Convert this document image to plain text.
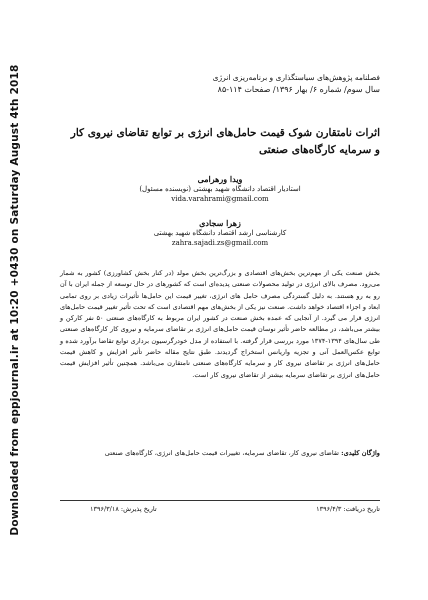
Downloaded from eppjournal.ir at 10:20 +0430 on Saturday August 4th 2018	فصلنامه پژوهش‌های سیاستگذاری و برنامه‌ریزی انرژی
سال سوم/ شماره ۶/ بهار ۱۳۹۶/ صفحات ۱۱۴-۸۵
اثرات نامتقارن شوک قیمت حامل‌های انرژی بر توابع تقاضای نیروی کار
و سرمایه کارگاه‌های صنعتی
ویدا ورهرامی
استادیار اقتصاد دانشگاه شهید بهشتی (نویسنده مسئول)
vida.varahrami@gmail.com
زهرا سجادی
کارشناسی ارشد اقتصاد دانشگاه شهید بهشتی
zahra.sajadi.zs@gmail.com
بخش صنعت یکی از مهم‌ترین بخش‌های اقتصادی و بزرگ‌ترین بخش مولد (در کنار بخش کشاورزی) کشور به شمار می‌رود. مصرف بالای انرژی در تولید محصولات صنعتی پدیده‌ای است که کشورهای در حال توسعه از جمله ایران با آن رو به رو هستند. به دلیل گستردگی مصرف حامل های انرژی، تغییر قیمت این حامل‌ها تأثیرات زیادی بر روی تمامی ابعاد و اجزاء اقتصاد خواهد داشت. صنعت نیز یکی از بخش‌های مهم اقتصادی است که تحت تأثیر تغییر قیمت حامل‌های انرژی قرار می گیرد. از آنجایی که عمده بخش صنعت در کشور ایران مربوط به کارگاه‌های صنعتی ۵۰ نفر کارکن و بیشتر می‌باشد، در مطالعه حاضر تأثیر نوسان قیمت حامل‌های انرژی بر تقاضای سرمایه و نیروی کار کارگاه‌های صنعتی طی سال‌های ۱۳۹۴-۱۳۷۴ مورد بررسی قرار گرفته. با استفاده از مدل خودرگرسیون برداری توابع تقاضا برآورد شده و توابع عکس‌العمل آنی و تجزیه واریانس استخراج گردیدند. طبق نتایج مقاله حاضر تأثیر افزایش و کاهش قیمت حامل‌های انرژی بر تقاضای نیروی کار و سرمایه کارگاه‌های صنعتی نامتقارن می‌باشد. همچنین تأثیر افزایش قیمت حامل‌های انرژی بر تقاضای سرمایه بیشتر از تقاضای نیروی کار است.
واژگان کلیدی: تقاضای نیروی کار، تقاضای سرمایه، تغییرات قیمت حامل‌های انرژی، کارگاه‌های صنعتی
تاریخ دریافت: ۱۳۹۶/۴/۳
تاریخ پذیرش: ۱۳۹۶/۳/۱۸
